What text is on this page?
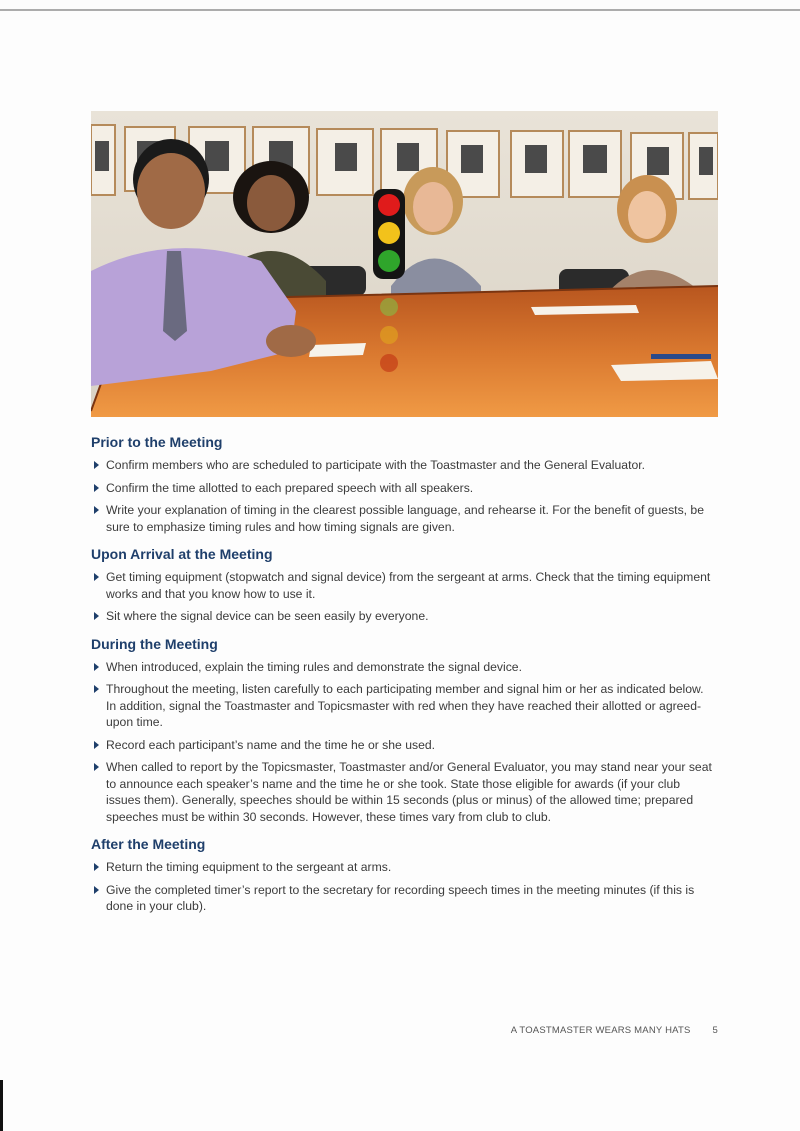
Prior to the Meeting
Confirm members who are scheduled to participate with the Toastmaster and the General Evaluator.
Confirm the time allotted to each prepared speech with all speakers.
Write your explanation of timing in the clearest possible language, and rehearse it. For the benefit of guests, be sure to emphasize timing rules and how timing signals are given.
Upon Arrival at the Meeting
Get timing equipment (stopwatch and signal device) from the sergeant at arms. Check that the timing equipment works and that you know how to use it.
Sit where the signal device can be seen easily by everyone.
During the Meeting
When introduced, explain the timing rules and demonstrate the signal device.
Throughout the meeting, listen carefully to each participating member and signal him or her as indicated below. In addition, signal the Toastmaster and Topicsmaster with red when they have reached their allotted or agreed-upon time.
Record each participant’s name and the time he or she used.
When called to report by the Topicsmaster, Toastmaster and/or General Evaluator, you may stand near your seat to announce each speaker’s name and the time he or she took. State those eligible for awards (if your club issues them). Generally, speeches should be within 15 seconds (plus or minus) of the allowed time; prepared speeches must be within 30 seconds. However, these times vary from club to club.
After the Meeting
Return the timing equipment to the sergeant at arms.
Give the completed timer’s report to the secretary for recording speech times in the meeting minutes (if this is done in your club).
A TOASTMASTER WEARS MANY HATS 5
